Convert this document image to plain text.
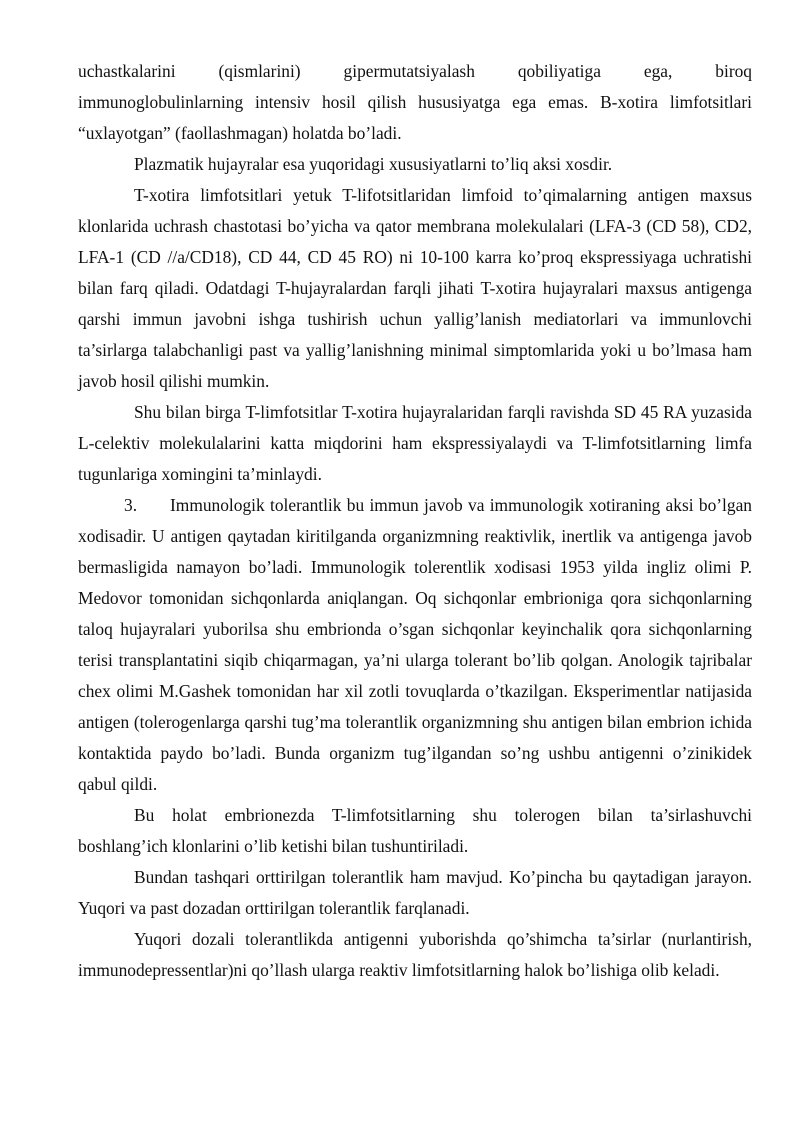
uchastkalarini (qismlarini) gipermutatsiyalash qobiliyatiga ega, biroq
immunoglobulinlarning intensiv hosil qilish hususiyatga ega emas. B-xotira limfotsitlari “uxlayotgan” (faollashmagan) holatda bo’ladi.

Plazmatik hujayralar esa yuqoridagi xususiyatlarni to’liq aksi xosdir.

T-xotira limfotsitlari yetuk T-lifotsitlaridan limfoid to’qimalarning antigen maxsus klonlarida uchrash chastotasi bo’yicha va qator membrana molekulalari (LFA-3 (CD 58), CD2, LFA-1 (CD //a/CD18), CD 44, CD 45 RO) ni 10-100 karra ko’proq ekspressiyaga uchratishi bilan farq qiladi. Odatdagi T-hujayralardan farqli jihati T-xotira hujayralari maxsus antigenga qarshi immun javobni ishga tushirish uchun yallig’lanish mediatorlari va immunlovchi ta’sirlarga talabchanligi past va yallig’lanishning minimal simptomlarida yoki u bo’lmasa ham javob hosil qilishi mumkin.

Shu bilan birga T-limfotsitlar T-xotira hujayralaridan farqli ravishda SD 45 RA yuzasida L-celektiv molekulalarini katta miqdorini ham ekspressiyalaydi va T-limfotsitlarning limfa tugunlariga xomingini ta’minlaydi.

3. Immunologik tolerantlik bu immun javob va immunologik xotiraning aksi bo’lgan xodisadir. U antigen qaytadan kiritilganda organizmning reaktivlik, inertlik va antigenga javob bermasligida namayon bo’ladi. Immunologik tolerentlik xodisasi 1953 yilda ingliz olimi P. Medovor tomonidan sichqonlarda aniqlangan. Oq sichqonlar embrioniga qora sichqonlarning taloq hujayralari yuborilsa shu embrionda o’sgan sichqonlar keyinchalik qora sichqonlarning terisi transplantatini siqib chiqarmagan, ya’ni ularga tolerant bo’lib qolgan. Anologik tajribalar chex olimi M.Gashek tomonidan har xil zotli tovuqlarda o’tkazilgan. Eksperimentlar natijasida antigen (tolerogenlarga qarshi tug’ma tolerantlik organizmning shu antigen bilan embrion ichida kontaktida paydo bo’ladi. Bunda organizm tug’ilgandan so’ng ushbu antigenni o’zinikidek qabul qildi.

Bu holat embrionezda T-limfotsitlarning shu tolerogen bilan ta’sirlashuvchi boshlang’ich klonlarini o’lib ketishi bilan tushuntiriladi.

Bundan tashqari orttirilgan tolerantlik ham mavjud. Ko’pincha bu qaytadigan jarayon. Yuqori va past dozadan orttirilgan tolerantlik farqlanadi.

Yuqori dozali tolerantlikda antigenni yuborishda qo’shimcha ta’sirlar (nurlantirish, immunodepressentlar)ni qo’llash ularga reaktiv limfotsitlarning halok bo’lishiga olib keladi.
